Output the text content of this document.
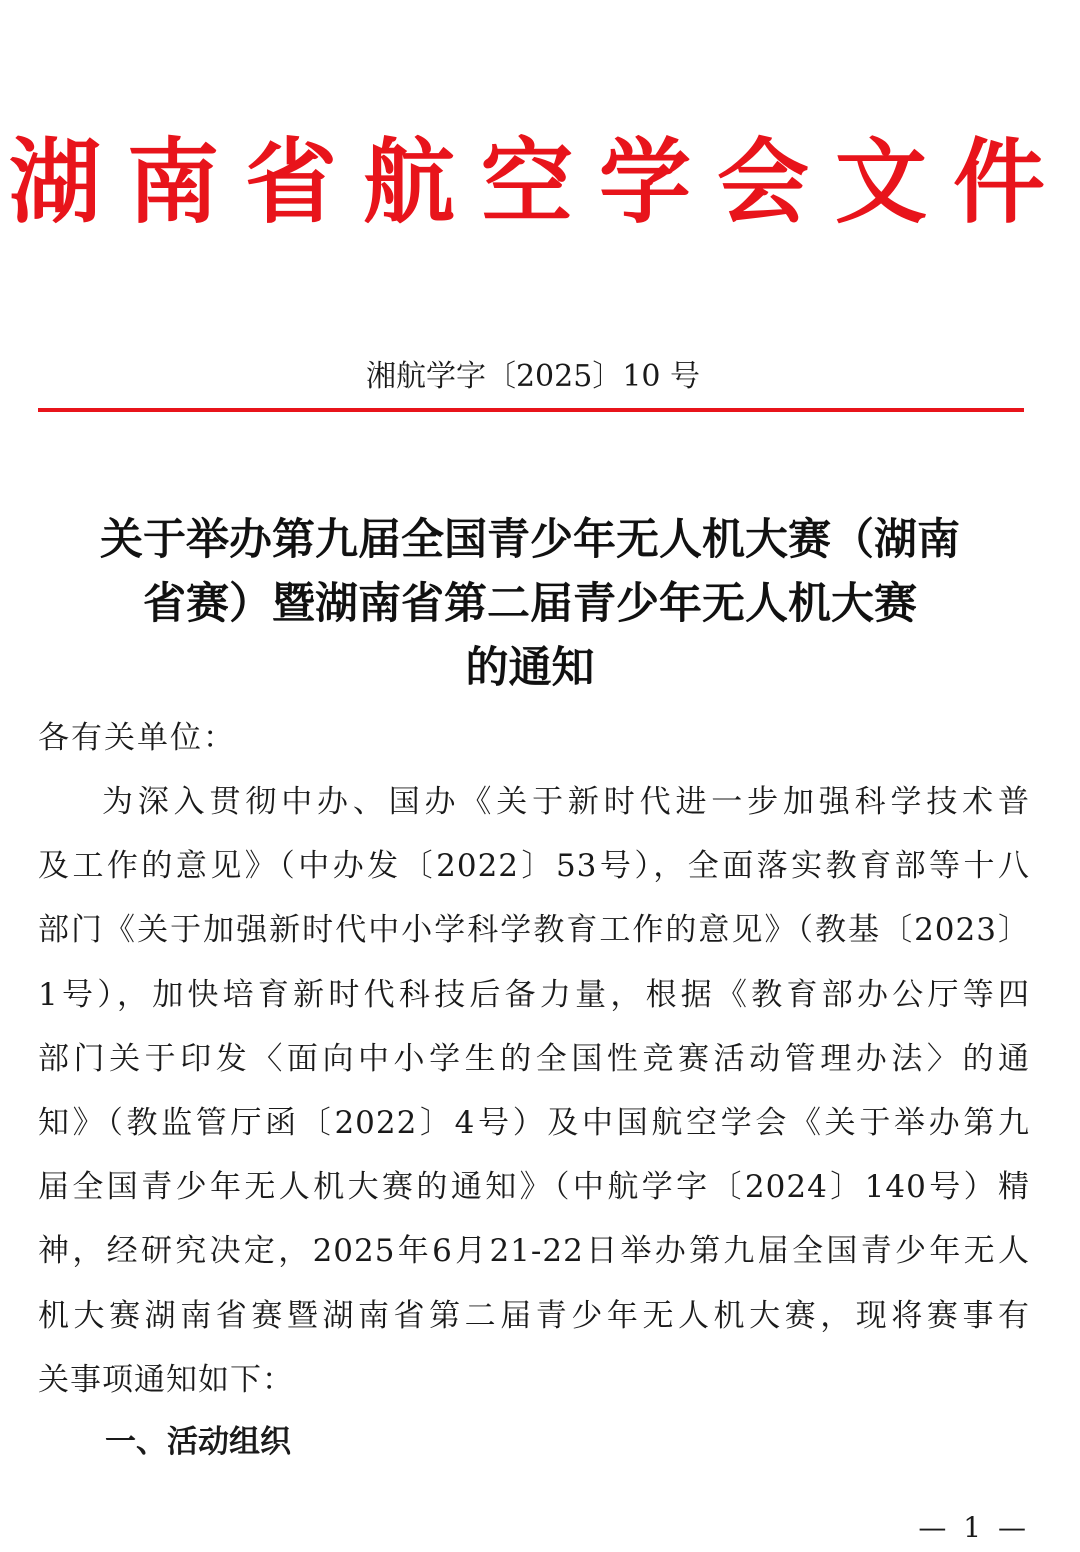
湖南省航空学会文件
湘航学字〔2025〕10 号
关于举办第九届全国青少年无人机大赛（湖南
省赛）暨湖南省第二届青少年无人机大赛
的通知
各有关单位：
为深入贯彻中办、国办《关于新时代进一步加强科学技术普
及工作的意见》（中办发〔2022〕53号），全面落实教育部等十八
部门《关于加强新时代中小学科学教育工作的意见》（教基〔2023〕
1号），加快培育新时代科技后备力量，根据《教育部办公厅等四
部门关于印发〈面向中小学生的全国性竞赛活动管理办法〉的通
知》（教监管厅函〔2022〕4号）及中国航空学会《关于举办第九
届全国青少年无人机大赛的通知》（中航学字〔2024〕140号）精
神，经研究决定，2025年6月21-22日举办第九届全国青少年无人
机大赛湖南省赛暨湖南省第二届青少年无人机大赛，现将赛事有
关事项通知如下：
一、活动组织
— 1 —
